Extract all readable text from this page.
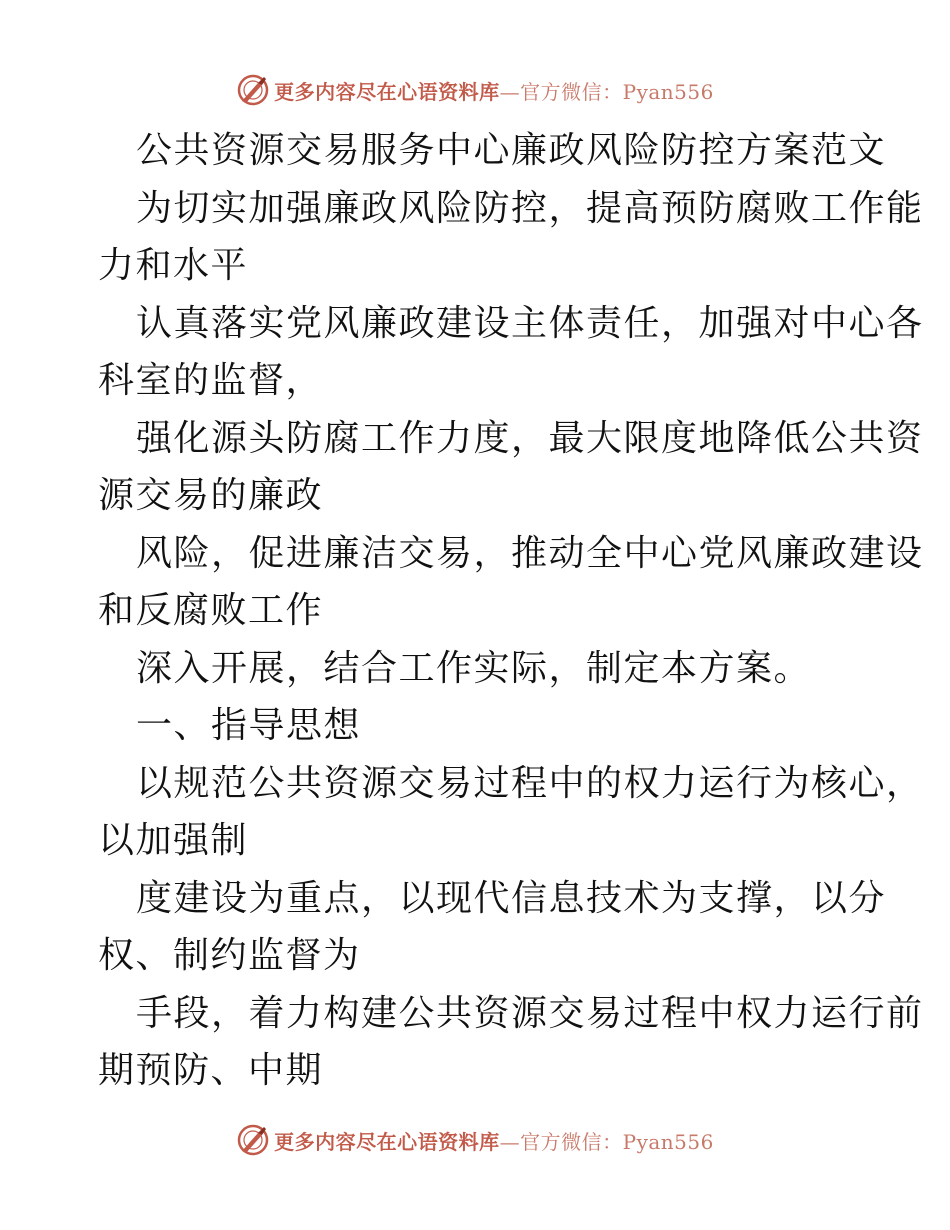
更多内容尽在心语资料库—官方微信：Pyan556
公共资源交易服务中心廉政风险防控方案范文
为切实加强廉政风险防控，提高预防腐败工作能
力和水平
认真落实党风廉政建设主体责任，加强对中心各
科室的监督，
强化源头防腐工作力度，最大限度地降低公共资
源交易的廉政
风险，促进廉洁交易，推动全中心党风廉政建设
和反腐败工作
深入开展，结合工作实际，制定本方案。
一、指导思想
以规范公共资源交易过程中的权力运行为核心，
以加强制
度建设为重点，以现代信息技术为支撑，以分
权、制约监督为
手段，着力构建公共资源交易过程中权力运行前
期预防、中期
更多内容尽在心语资料库—官方微信：Pyan556
